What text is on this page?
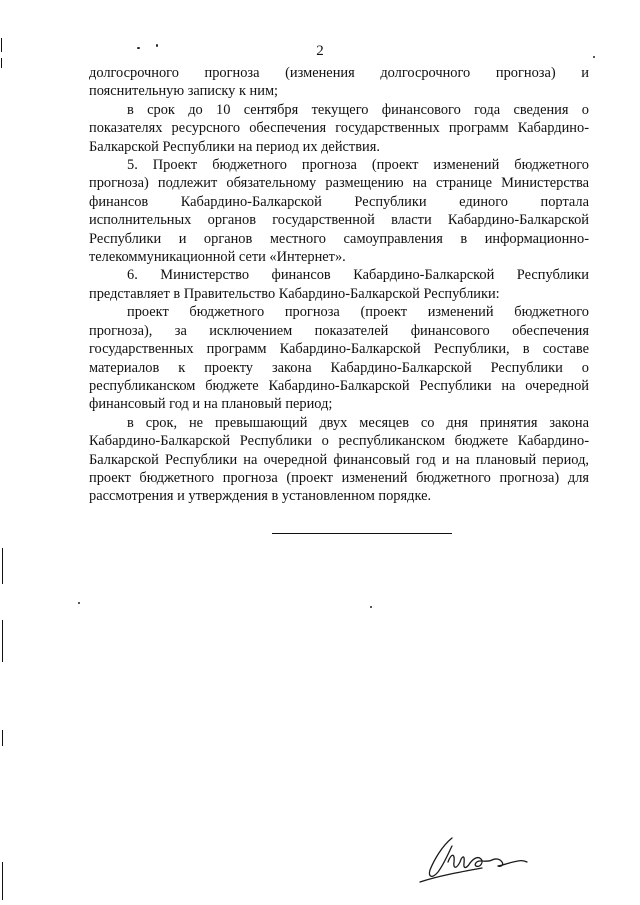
2

долгосрочного прогноза (изменения долгосрочного прогноза) и

пояснительную записку к ним;

в срок до 10 сентября текущего финансового года сведения о

показателях ресурсного обеспечения государственных программ Кабардино-

Балкарской Республики на период их действия.

5. Проект бюджетного прогноза (проект изменений бюджетного

прогноза) подлежит обязательному размещению на странице Министерства

финансов Кабардино-Балкарской Республики единого портала

исполнительных органов государственной власти Кабардино-Балкарской

Республики и органов местного самоуправления в информационно-

телекоммуникационной сети «Интернет».

6. Министерство финансов Кабардино-Балкарской Республики

представляет в Правительство Кабардино-Балкарской Республики:

проект бюджетного прогноза (проект изменений бюджетного

прогноза), за исключением показателей финансового обеспечения

государственных программ Кабардино-Балкарской Республики, в составе

материалов к проекту закона Кабардино-Балкарской Республики о

республиканском бюджете Кабардино-Балкарской Республики на очередной

финансовый год и на плановый период;

в срок, не превышающий двух месяцев со дня принятия закона

Кабардино-Балкарской Республики о республиканском бюджете Кабардино-

Балкарской Республики на очередной финансовый год и на плановый период,

проект бюджетного прогноза (проект изменений бюджетного прогноза) для

рассмотрения и утверждения в установленном порядке.
